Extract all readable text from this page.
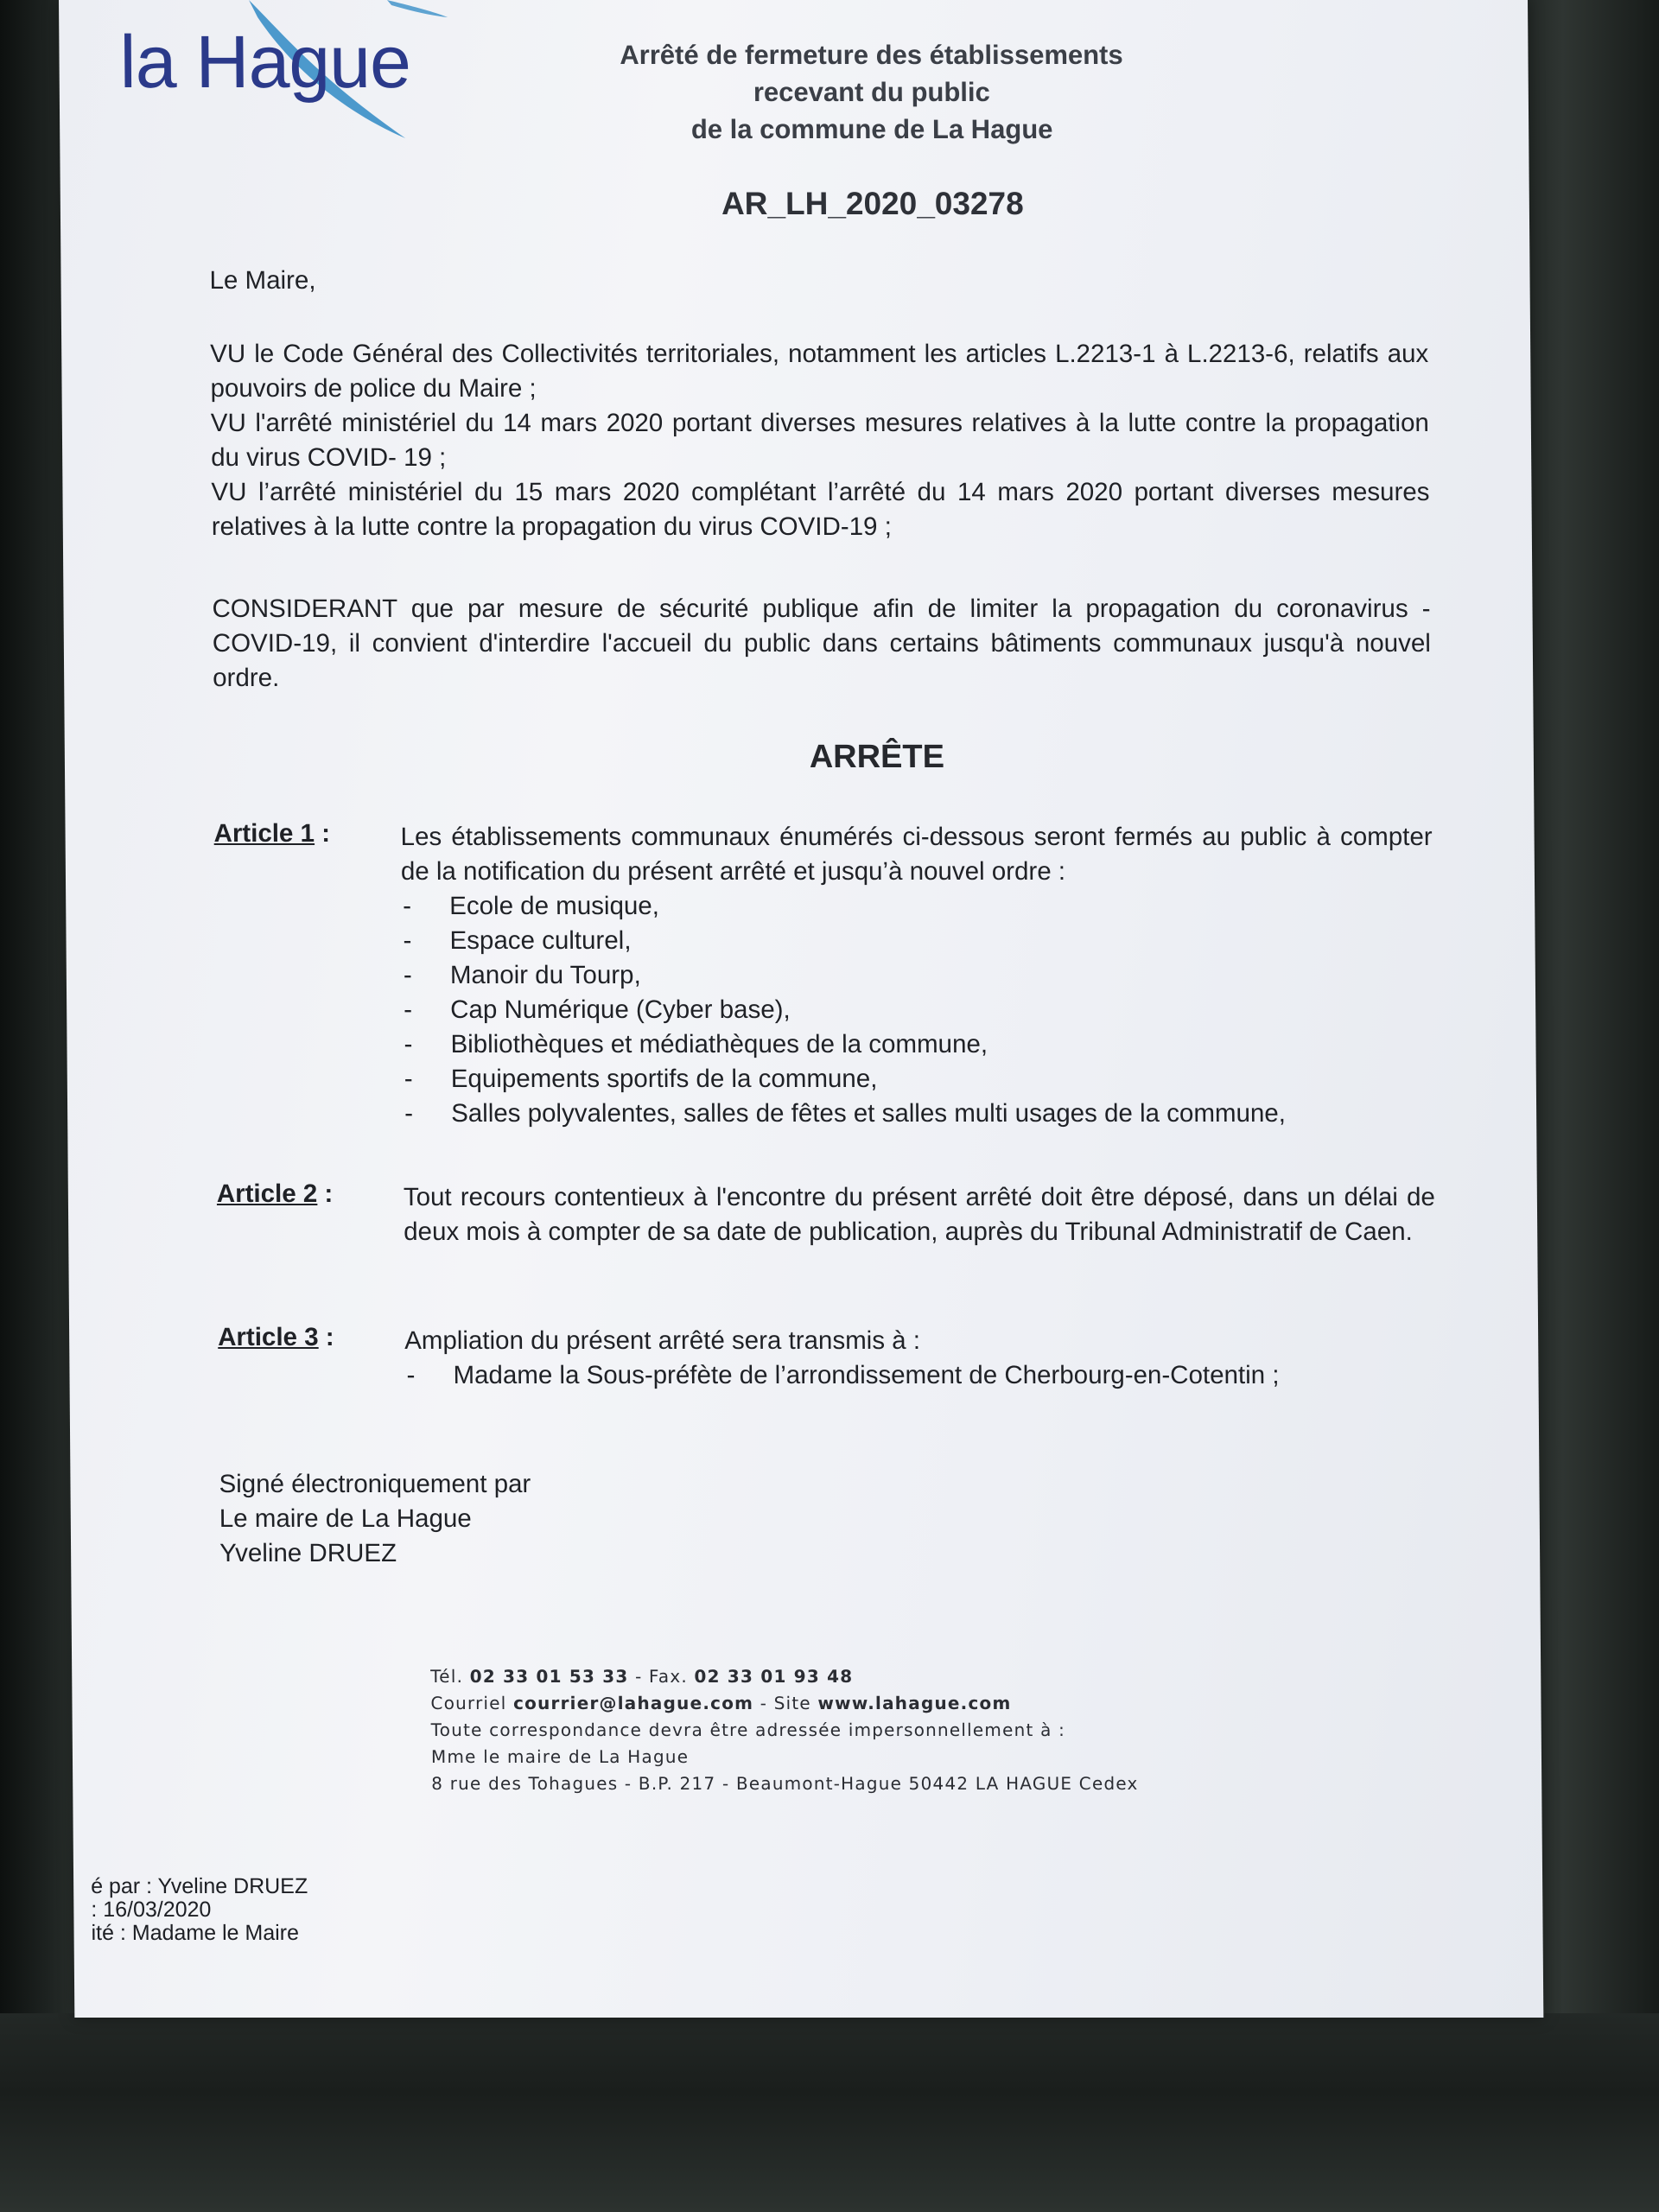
la Hague	Arrêté de fermeture des établissements
recevant du public
de la commune de La Hague
AR_LH_2020_03278
Le Maire,
VU le Code Général des Collectivités territoriales, notamment les articles L.2213-1 à L.2213-6, relatifs aux pouvoirs de police du Maire ;
VU l'arrêté ministériel du 14 mars 2020 portant diverses mesures relatives à la lutte contre la propagation du virus COVID- 19 ;
VU l’arrêté ministériel du 15 mars 2020 complétant l’arrêté du 14 mars 2020 portant diverses mesures relatives à la lutte contre la propagation du virus COVID-19 ;
CONSIDERANT que par mesure de sécurité publique afin de limiter la propagation du coronavirus - COVID-19, il convient d'interdire l'accueil du public dans certains bâtiments communaux jusqu'à nouvel ordre.
ARRÊTE
Article 1 :	Les établissements communaux énumérés ci-dessous seront fermés au public à compter de la notification du présent arrêté et jusqu’à nouvel ordre :
- Ecole de musique,
- Espace culturel,
- Manoir du Tourp,
- Cap Numérique (Cyber base),
- Bibliothèques et médiathèques de la commune,
- Equipements sportifs de la commune,
- Salles polyvalentes, salles de fêtes et salles multi usages de la commune,
Article 2 :	Tout recours contentieux à l'encontre du présent arrêté doit être déposé, dans un délai de deux mois à compter de sa date de publication, auprès du Tribunal Administratif de Caen.
Article 3 :	Ampliation du présent arrêté sera transmis à :
- Madame la Sous-préfète de l’arrondissement de Cherbourg-en-Cotentin ;
Signé électroniquement par
Le maire de La Hague
Yveline DRUEZ
Tél. 02 33 01 53 33 - Fax. 02 33 01 93 48
Courriel courrier@lahague.com - Site www.lahague.com
Toute correspondance devra être adressée impersonnellement à :
Mme le maire de La Hague
8 rue des Tohagues - B.P. 217 - Beaumont-Hague 50442 LA HAGUE Cedex
é par : Yveline DRUEZ
: 16/03/2020
ité : Madame le Maire
